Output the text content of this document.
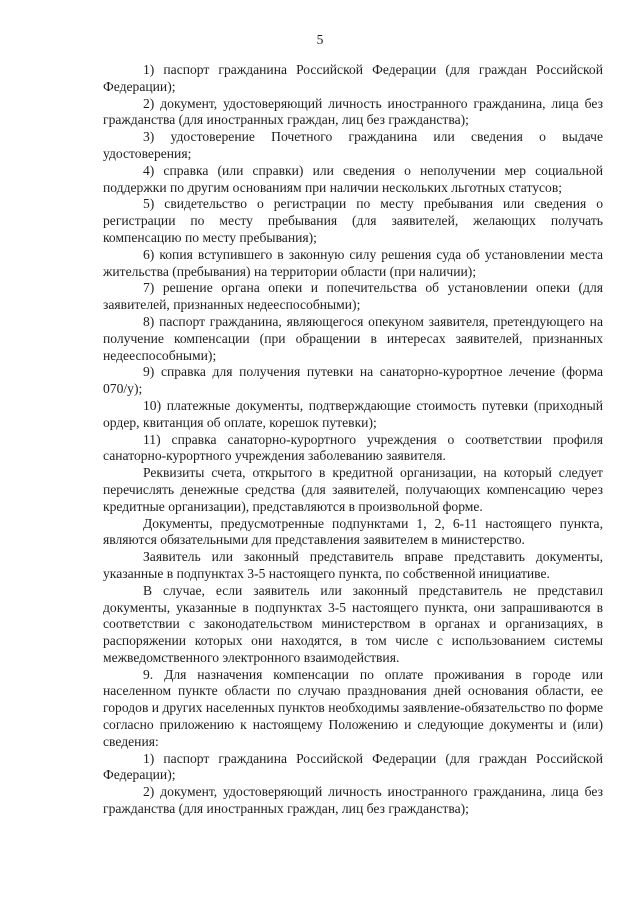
5

1) паспорт гражданина Российской Федерации (для граждан Российской Федерации);

2) документ, удостоверяющий личность иностранного гражданина, лица без гражданства (для иностранных граждан, лиц без гражданства);

3) удостоверение Почетного гражданина или сведения о выдаче удостоверения;

4) справка (или справки) или сведения о неполучении мер социальной поддержки по другим основаниям при наличии нескольких льготных статусов;

5) свидетельство о регистрации по месту пребывания или сведения о регистрации по месту пребывания (для заявителей, желающих получать компенсацию по месту пребывания);

6) копия вступившего в законную силу решения суда об установлении места жительства (пребывания) на территории области (при наличии);

7) решение органа опеки и попечительства об установлении опеки (для заявителей, признанных недееспособными);

8) паспорт гражданина, являющегося опекуном заявителя, претендующего на получение компенсации (при обращении в интересах заявителей, признанных недееспособными);

9) справка для получения путевки на санаторно-курортное лечение (форма 070/у);

10) платежные документы, подтверждающие стоимость путевки (приходный ордер, квитанция об оплате, корешок путевки);

11) справка санаторно-курортного учреждения о соответствии профиля санаторно-курортного учреждения заболеванию заявителя.

Реквизиты счета, открытого в кредитной организации, на который следует перечислять денежные средства (для заявителей, получающих компенсацию через кредитные организации), представляются в произвольной форме.

Документы, предусмотренные подпунктами 1, 2, 6-11 настоящего пункта, являются обязательными для представления заявителем в министерство.

Заявитель или законный представитель вправе представить документы, указанные в подпунктах 3-5 настоящего пункта, по собственной инициативе.

В случае, если заявитель или законный представитель не представил документы, указанные в подпунктах 3-5 настоящего пункта, они запрашиваются в соответствии с законодательством министерством в органах и организациях, в распоряжении которых они находятся, в том числе с использованием системы межведомственного электронного взаимодействия.

9. Для назначения компенсации по оплате проживания в городе или населенном пункте области по случаю празднования дней основания области, ее городов и других населенных пунктов необходимы заявление-обязательство по форме согласно приложению к настоящему Положению и следующие документы и (или) сведения:

1) паспорт гражданина Российской Федерации (для граждан Российской Федерации);

2) документ, удостоверяющий личность иностранного гражданина, лица без гражданства (для иностранных граждан, лиц без гражданства);
